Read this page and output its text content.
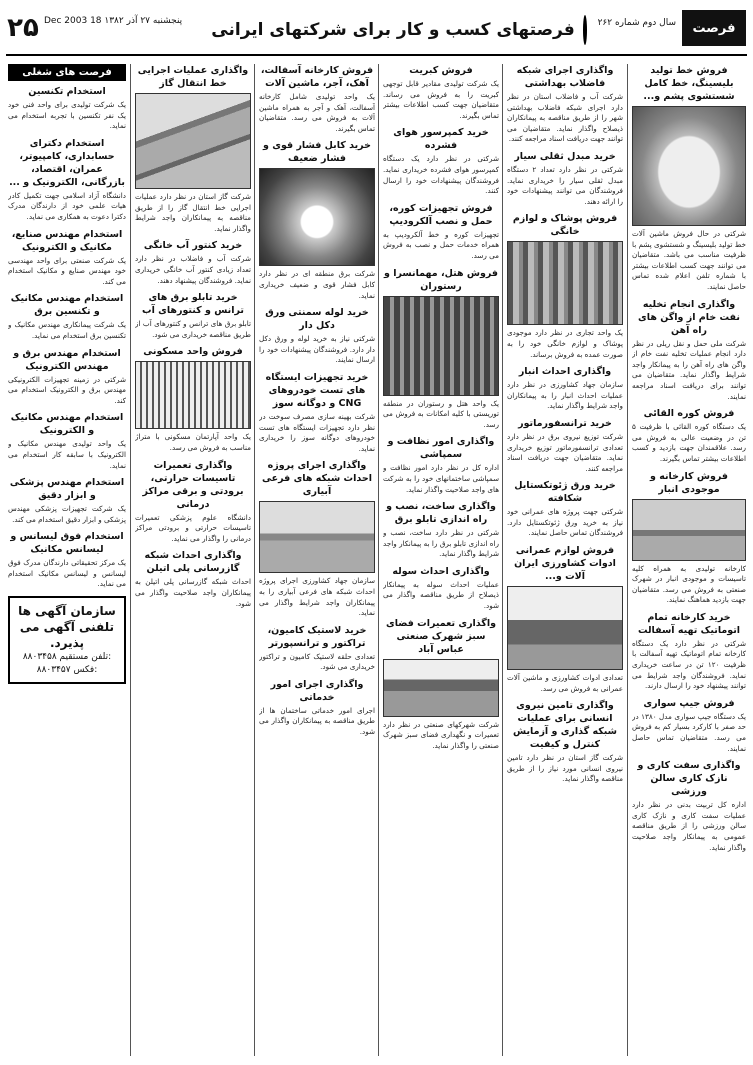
۲۵ پنجشنبه ۲۷ آذر ۱۳۸۲ 18 Dec 2003	فرصتهای کسب و کار برای شرکتهای ایرانی	سال دوم شماره ۲۶۲	فرصت
فروش خط تولید بلیسینگ، خط کامل شستشوی پشم و...

شرکتی در حال فروش ماشین آلات خط تولید بلیسینگ و شستشوی پشم با ظرفیت مناسب می باشد. متقاضیان می توانند جهت کسب اطلاعات بیشتر با شماره تلفن اعلام شده تماس حاصل نمایند.

واگذاری انجام تخلیه نفت خام از واگن های راه آهن

شرکت ملی حمل و نقل ریلی در نظر دارد انجام عملیات تخلیه نفت خام از واگن های راه آهن را به پیمانکار واجد شرایط واگذار نماید. متقاضیان می توانند برای دریافت اسناد مراجعه نمایند.

فروش کوره القائی

یک دستگاه کوره القائی با ظرفیت ۵ تن در وضعیت عالی به فروش می رسد. علاقمندان جهت بازدید و کسب اطلاعات بیشتر تماس بگیرند.

فروش کارخانه و موجودی انبار

کارخانه تولیدی به همراه کلیه تاسیسات و موجودی انبار در شهرک صنعتی به فروش می رسد. متقاضیان جهت بازدید هماهنگ نمایند.

خرید کارخانه تمام اتوماتیک تهیه آسفالت

شرکتی در نظر دارد یک دستگاه کارخانه تمام اتوماتیک تهیه آسفالت با ظرفیت ۱۲۰ تن در ساعت خریداری نماید. فروشندگان واجد شرایط می توانند پیشنهاد خود را ارسال دارند.

فروش جیپ سواری

یک دستگاه جیپ سواری مدل ۱۳۸۰ در حد صفر با کارکرد بسیار کم به فروش می رسد. متقاضیان تماس حاصل نمایند.

واگذاری سفت کاری و نازک کاری سالن ورزشی

اداره کل تربیت بدنی در نظر دارد عملیات سفت کاری و نازک کاری سالن ورزشی را از طریق مناقصه عمومی به پیمانکار واجد صلاحیت واگذار نماید.

واگذاری اجرای شبکه فاضلاب بهداشتی

شرکت آب و فاضلاب استان در نظر دارد اجرای شبکه فاضلاب بهداشتی شهر را از طریق مناقصه به پیمانکاران ذیصلاح واگذار نماید. متقاضیان می توانند جهت دریافت اسناد مراجعه کنند.

خرید مبدل ثقلی سیار

شرکتی در نظر دارد تعداد ۲ دستگاه مبدل ثقلی سیار را خریداری نماید. فروشندگان می توانند پیشنهادات خود را ارائه دهند.

فروش پوشاک و لوازم خانگی

یک واحد تجاری در نظر دارد موجودی پوشاک و لوازم خانگی خود را به صورت عمده به فروش برساند.

واگذاری احداث انبار

سازمان جهاد کشاورزی در نظر دارد عملیات احداث انبار را به پیمانکاران واجد شرایط واگذار نماید.

خرید ترانسفورماتور

شرکت توزیع نیروی برق در نظر دارد تعدادی ترانسفورماتور توزیع خریداری نماید. متقاضیان جهت دریافت اسناد مراجعه کنند.

خرید ورق ژئوتکستایل شکافته

شرکتی جهت پروژه های عمرانی خود نیاز به خرید ورق ژئوتکستایل دارد. فروشندگان تماس حاصل نمایند.

فروش لوازم عمرانی ادوات کشاورزی ایران آلات و...

تعدادی ادوات کشاورزی و ماشین آلات عمرانی به فروش می رسد.

واگذاری تامین نیروی انسانی برای عملیات شبکه گذاری و آزمایش کنترل و کیفیت

شرکت گاز استان در نظر دارد تامین نیروی انسانی مورد نیاز را از طریق مناقصه واگذار نماید.

فروش کبریت

یک شرکت تولیدی مقادیر قابل توجهی کبریت را به فروش می رساند. متقاضیان جهت کسب اطلاعات بیشتر تماس بگیرند.

خرید کمپرسور هوای فشرده

شرکتی در نظر دارد یک دستگاه کمپرسور هوای فشرده خریداری نماید. فروشندگان پیشنهادات خود را ارسال کنند.

فروش تجهیزات کوره، حمل و نصب آلکرودیپ

تجهیزات کوره و خط آلکرودیپ به همراه خدمات حمل و نصب به فروش می رسد.

فروش هتل، مهمانسرا و رستوران

یک واحد هتل و رستوران در منطقه توریستی با کلیه امکانات به فروش می رسد.

واگذاری امور نظافت و سمپاشی

اداره کل در نظر دارد امور نظافت و سمپاشی ساختمانهای خود را به شرکت های واجد صلاحیت واگذار نماید.

واگذاری ساخت، نصب و راه اندازی تابلو برق

شرکتی در نظر دارد ساخت، نصب و راه اندازی تابلو برق را به پیمانکار واجد شرایط واگذار نماید.

واگذاری احداث سوله

عملیات احداث سوله به پیمانکار ذیصلاح از طریق مناقصه واگذار می شود.

واگذاری تعمیرات فضای سبز شهرک صنعتی عباس آباد

شرکت شهرکهای صنعتی در نظر دارد تعمیرات و نگهداری فضای سبز شهرک صنعتی را واگذار نماید.

فروش کارخانه آسفالت، آهک، آجر، ماشین آلات

یک واحد تولیدی شامل کارخانه آسفالت، آهک و آجر به همراه ماشین آلات به فروش می رسد. متقاضیان تماس بگیرند.

خرید کابل فشار قوی و فشار ضعیف

شرکت برق منطقه ای در نظر دارد کابل فشار قوی و ضعیف خریداری نماید.

خرید لوله سمنتی ورق دکل دار

شرکتی نیاز به خرید لوله و ورق دکل دار دارد. فروشندگان پیشنهادات خود را ارسال نمایند.

خرید تجهیزات ایستگاه های تست خودروهای CNG و دوگانه سوز

شرکت بهینه سازی مصرف سوخت در نظر دارد تجهیزات ایستگاه های تست خودروهای دوگانه سوز را خریداری نماید.

واگذاری اجرای پروژه احداث شبکه های فرعی آبیاری

سازمان جهاد کشاورزی اجرای پروژه احداث شبکه های فرعی آبیاری را به پیمانکاران واجد شرایط واگذار می نماید.

خرید لاستیک کامیون، تراکتور و ترانسپورتر

تعدادی حلقه لاستیک کامیون و تراکتور خریداری می شود.

واگذاری اجرای امور خدماتی

اجرای امور خدماتی ساختمان ها از طریق مناقصه به پیمانکاران واگذار می شود.

واگذاری عملیات اجرایی خط انتقال گاز

شرکت گاز استان در نظر دارد عملیات اجرایی خط انتقال گاز را از طریق مناقصه به پیمانکاران واجد شرایط واگذار نماید.

خرید کنتور آب خانگی

شرکت آب و فاضلاب در نظر دارد تعداد زیادی کنتور آب خانگی خریداری نماید. فروشندگان پیشنهاد دهند.

خرید تابلو برق های ترانس و کنتورهای آب

تابلو برق های ترانس و کنتورهای آب از طریق مناقصه خریداری می شود.

فروش واحد مسکونی

یک واحد آپارتمان مسکونی با متراژ مناسب به فروش می رسد.

واگذاری تعمیرات تاسیسات حرارتی، برودتی و برقی مراکز درمانی

دانشگاه علوم پزشکی تعمیرات تاسیسات حرارتی و برودتی مراکز درمانی را واگذار می نماید.

واگذاری احداث شبکه گازرسانی پلی اتیلن

احداث شبکه گازرسانی پلی اتیلن به پیمانکاران واجد صلاحیت واگذار می شود.

فرصت های شغلی
استخدام تکنسین

یک شرکت تولیدی برای واحد فنی خود یک نفر تکنسین با تجربه استخدام می نماید.

استخدام دکترای حسابداری، کامپیوتر، عمران، اقتصاد، بازرگانی، الکترونیک و ...

دانشگاه آزاد اسلامی جهت تکمیل کادر هیات علمی خود از دارندگان مدرک دکترا دعوت به همکاری می نماید.

استخدام مهندس صنایع، مکانیک و الکترونیک

یک شرکت صنعتی برای واحد مهندسی خود مهندس صنایع و مکانیک استخدام می کند.

استخدام مهندس مکانیک و تکنسین برق

یک شرکت پیمانکاری مهندس مکانیک و تکنسین برق استخدام می نماید.

استخدام مهندس برق و مهندس الکترونیک

شرکتی در زمینه تجهیزات الکترونیکی مهندس برق و الکترونیک استخدام می کند.

استخدام مهندس مکانیک و الکترونیک

یک واحد تولیدی مهندس مکانیک و الکترونیک با سابقه کار استخدام می نماید.

استخدام مهندس پزشکی و ابزار دقیق

یک شرکت تجهیزات پزشکی مهندس پزشکی و ابزار دقیق استخدام می کند.

استخدام فوق لیسانس و لیسانس مکانیک

یک مرکز تحقیقاتی دارندگان مدرک فوق لیسانس و لیسانس مکانیک استخدام می نماید.

سازمان آگهی ها تلفنی آگهی می پذیرد.
۸۸۰۳۴۵۸ تلفن مستقیم:
۸۸۰۳۴۵۷ فکس:
